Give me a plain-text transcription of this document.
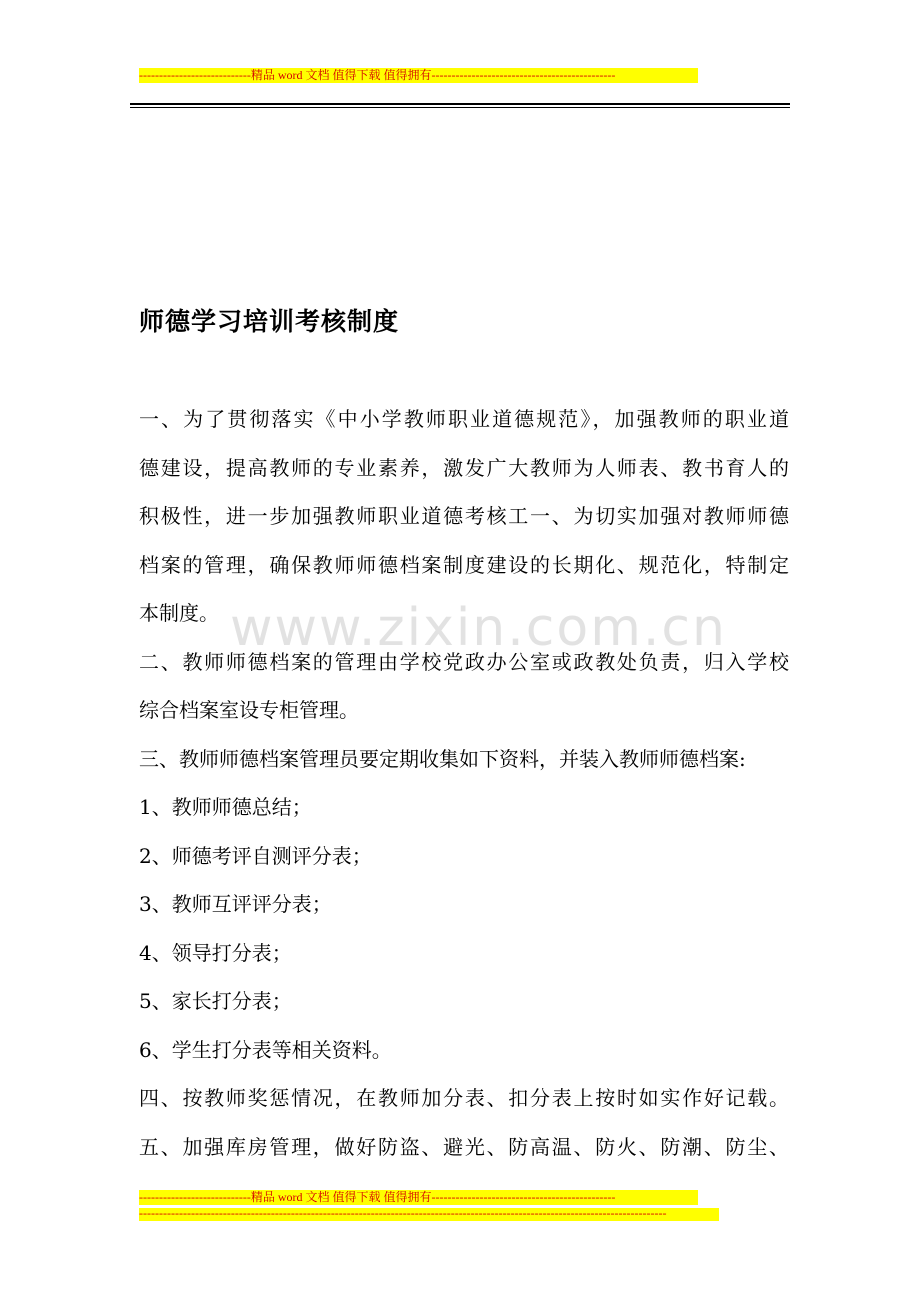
----------------------------精品 word 文档 值得下载 值得拥有----------------------------------------------
www.zixin.com.cn
师德学习培训考核制度
一、为了贯彻落实《中小学教师职业道德规范》，加强教师的职业道
德建设，提高教师的专业素养，激发广大教师为人师表、教书育人的
积极性，进一步加强教师职业道德考核工一、为切实加强对教师师德
档案的管理，确保教师师德档案制度建设的长期化、规范化，特制定
本制度。
二、教师师德档案的管理由学校党政办公室或政教处负责，归入学校
综合档案室设专柜管理。
三、教师师德档案管理员要定期收集如下资料，并装入教师师德档案:
1、教师师德总结；
2、师德考评自测评分表；
3、教师互评评分表；
4、领导打分表；
5、家长打分表；
6、学生打分表等相关资料。
四、按教师奖惩情况，在教师加分表、扣分表上按时如实作好记载。
五、加强库房管理，做好防盗、避光、防高温、防火、防潮、防尘、
----------------------------精品 word 文档 值得下载 值得拥有----------------------------------------------
------------------------------------------------------------------------------------------------------------------------------------
